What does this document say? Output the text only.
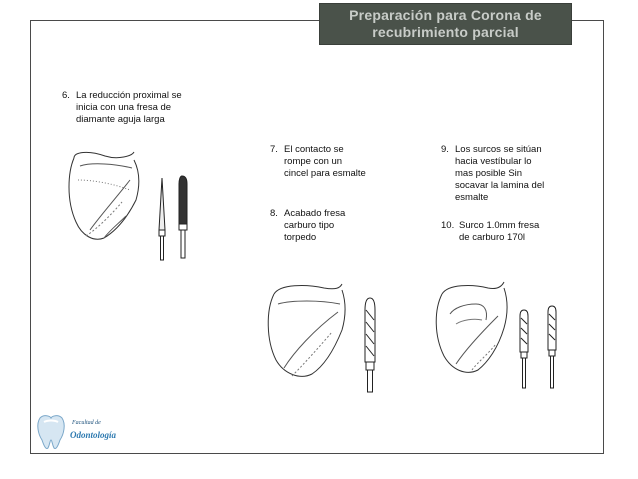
Preparación para Corona de
recubrimiento parcial
6. La reducción proximal se
inicia con una fresa de
diamante aguja larga
7. El contacto se
rompe con un
cincel para esmalte
8. Acabado fresa
carburo tipo
torpedo
9. Los surcos se sitúan
hacia vestíbular lo
mas posible Sin
socavar la lamina del
esmalte
10. Surco 1.0mm fresa
de carburo 170l
Facultad de
Odontología
